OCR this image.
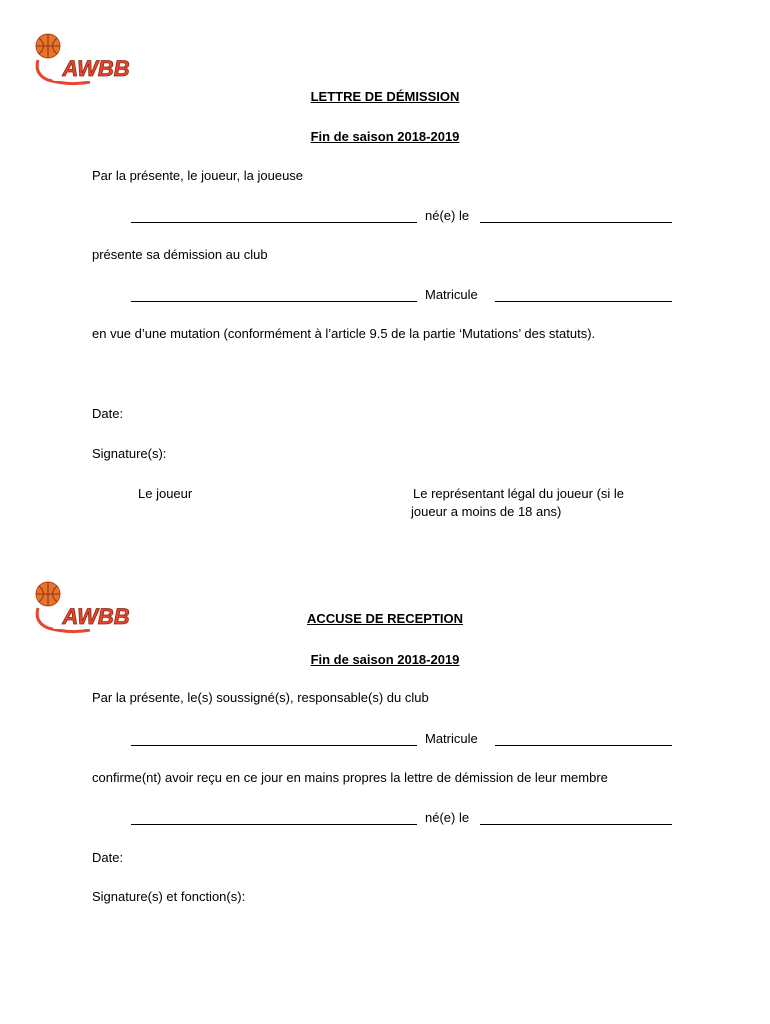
AWBB
LETTRE DE DÉMISSION
Fin de saison 2018-2019
Par la présente, le joueur, la joueuse
né(e) le
présente sa démission au club
Matricule
en vue d’une mutation (conformément à l’article 9.5 de la partie ‘Mutations’ des statuts).
Date:
Signature(s):
Le joueur	Le représentant légal du joueur (si le
joueur a moins de 18 ans)
AWBB	ACCUSE DE RECEPTION
Fin de saison 2018-2019
Par la présente, le(s) soussigné(s), responsable(s) du club
Matricule
confirme(nt) avoir reçu en ce jour en mains propres la lettre de démission de leur membre
né(e) le
Date:
Signature(s) et fonction(s):
